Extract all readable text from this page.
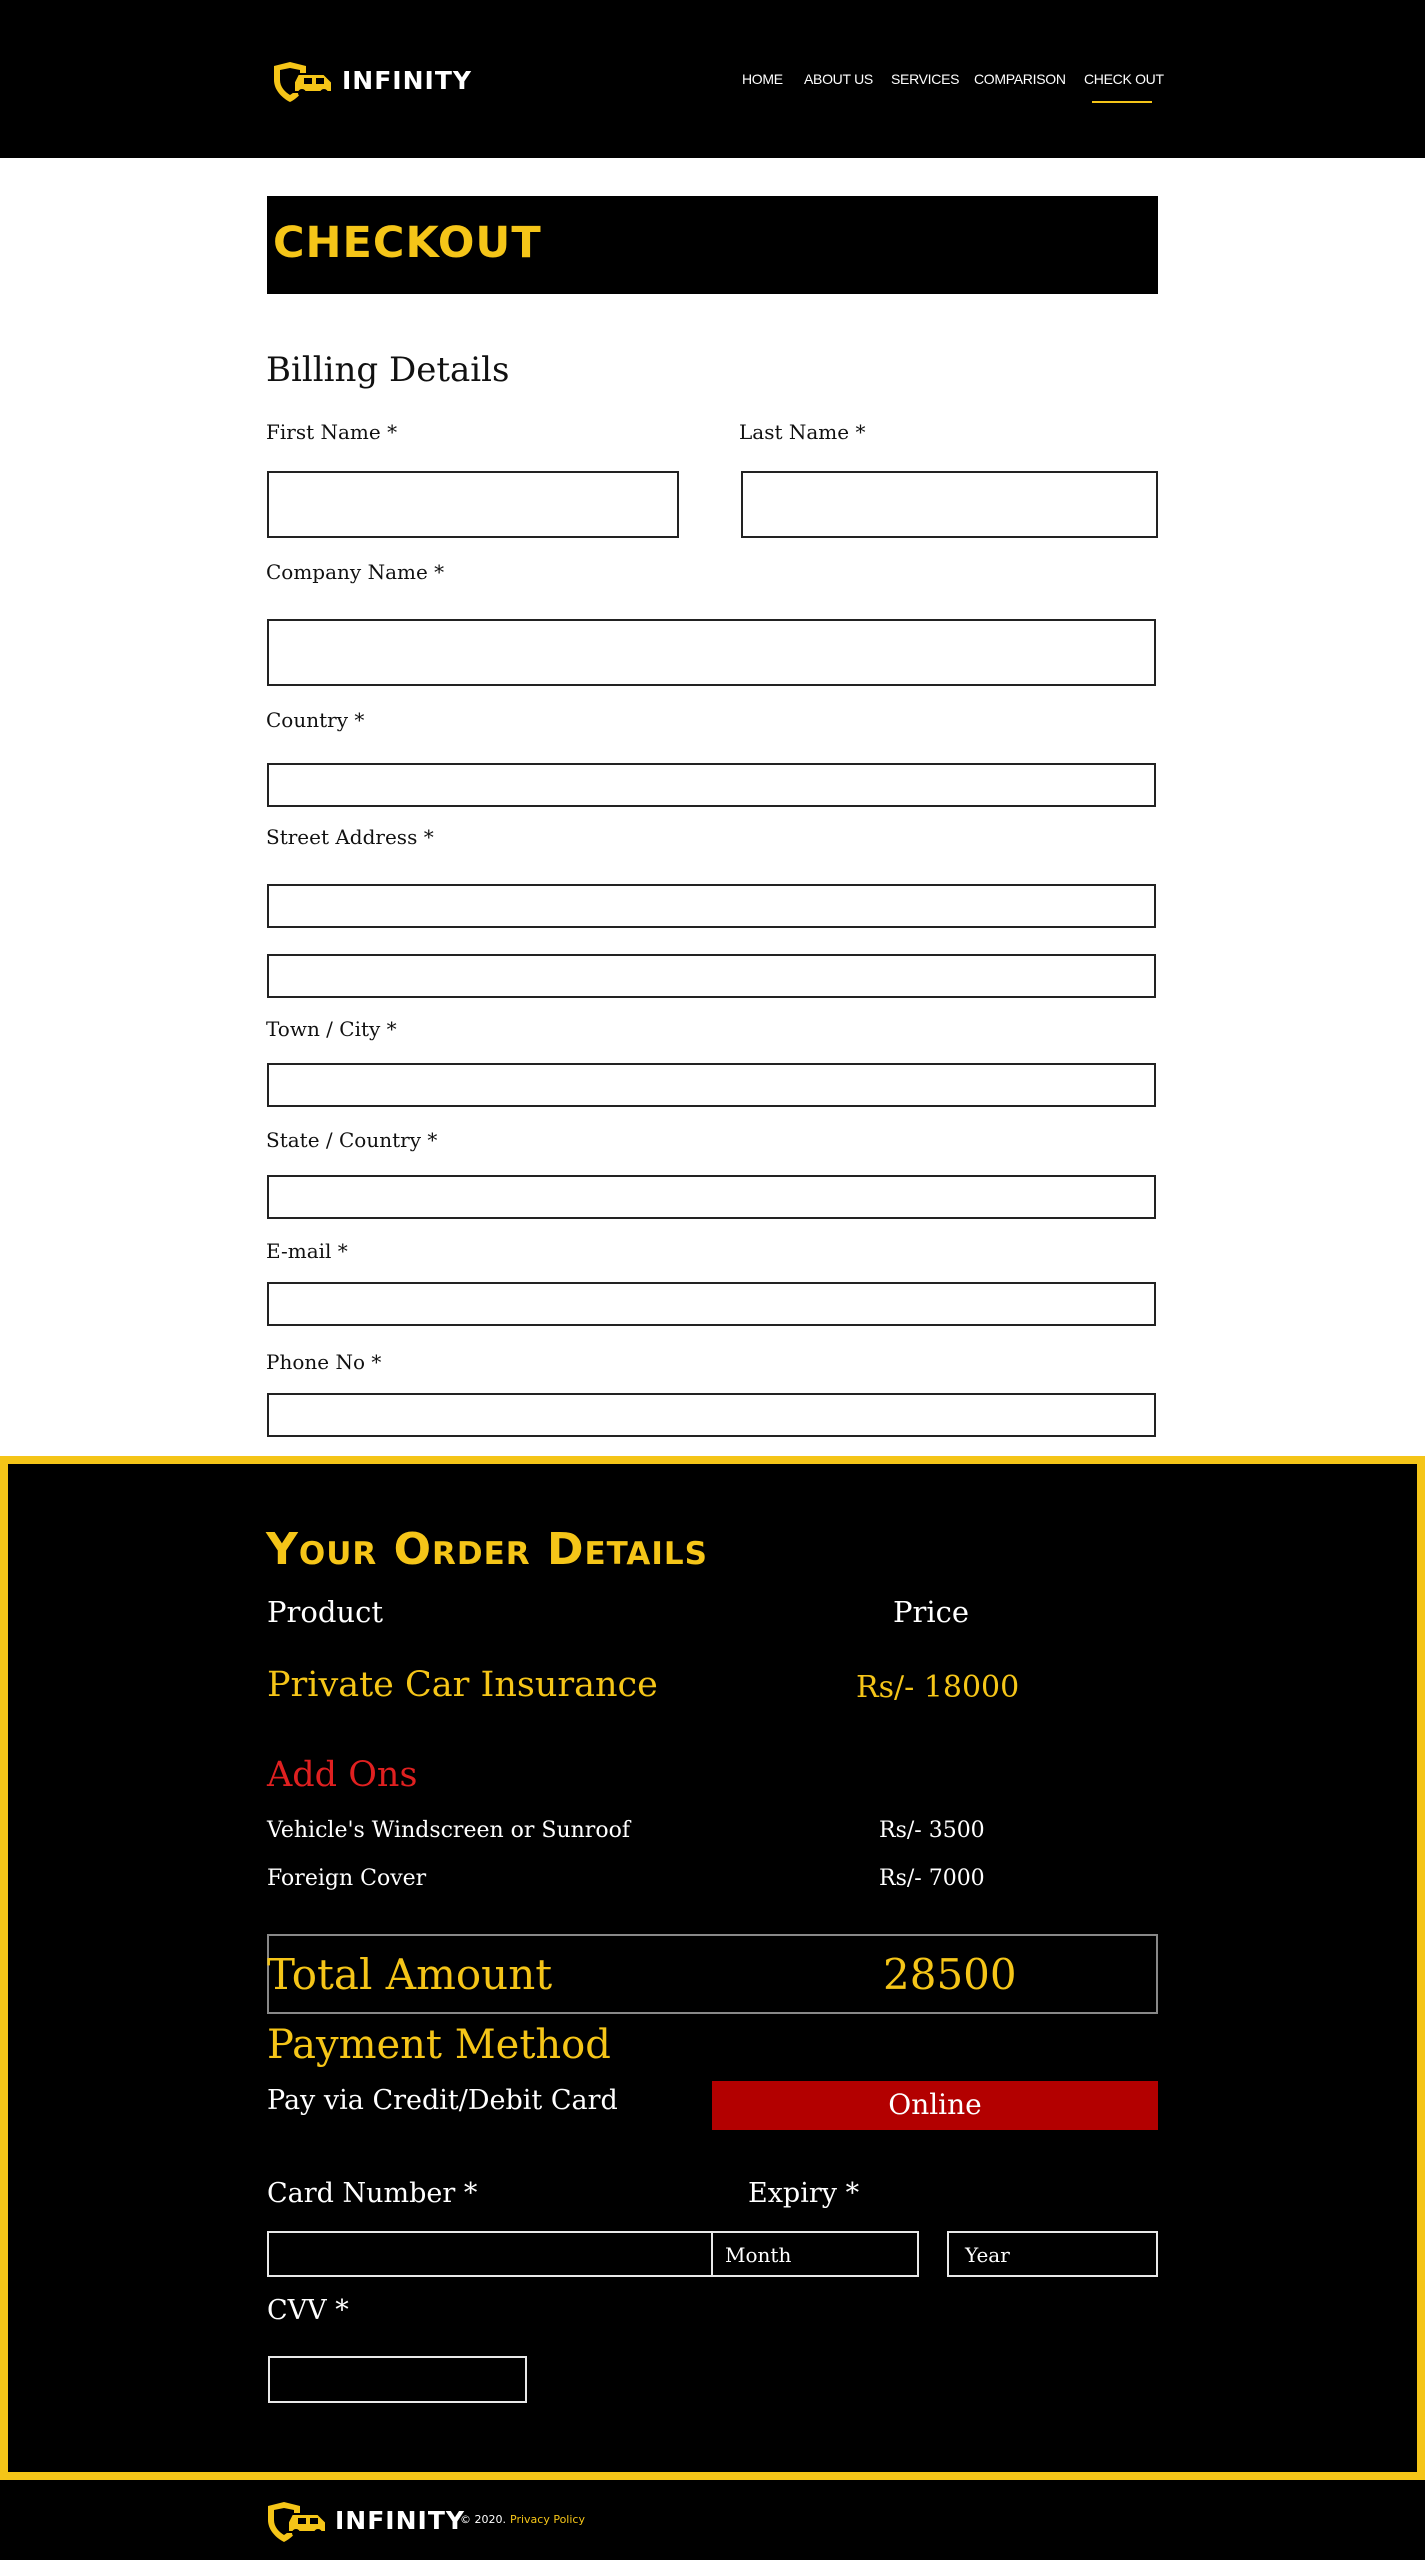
INFINITY	HOME ABOUT US SERVICES COMPARISON CHECK OUT
CHECKOUT
Billing Details
First Name *	Last Name *
Company Name *
Country *
Street Address *
Town / City *
State / Country *
E-mail *
Phone No *
Your Order Details
Product	Price
Private Car Insurance	Rs/- 18000
Add Ons
Vehicle's Windscreen or Sunroof	Rs/- 3500
Foreign Cover	Rs/- 7000
Total Amount	28500
Payment Method
Pay via Credit/Debit Card	Online
Card Number *	Expiry *
Month	Year
CVV *
INFINITY
© 2020. Privacy Policy
